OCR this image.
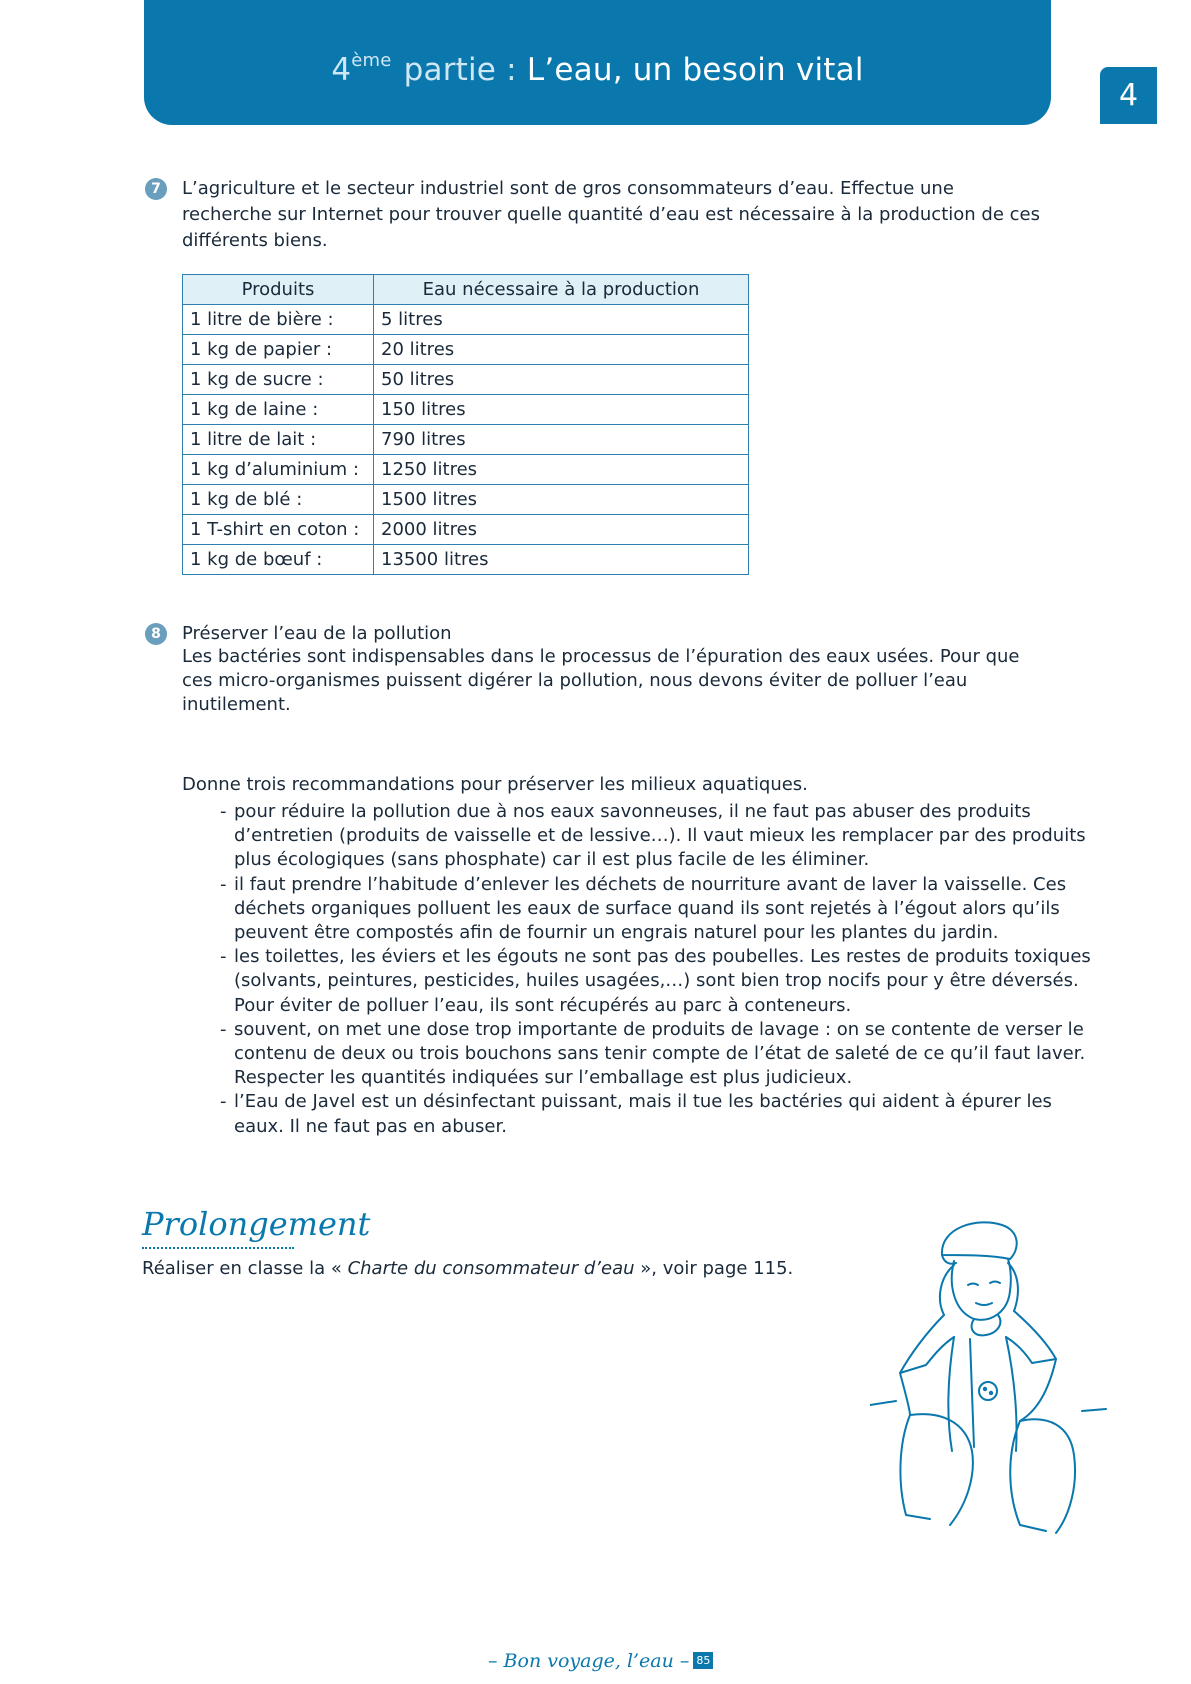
4ème partie : L’eau, un besoin vital
4
7	L’agriculture et le secteur industriel sont de gros consommateurs d’eau. Effectue une recherche sur Internet pour trouver quelle quantité d’eau est nécessaire à la production de ces différents biens.
Produits	Eau nécessaire à la production
1 litre de bière :	5 litres
1 kg de papier :	20 litres
1 kg de sucre :	50 litres
1 kg de laine :	150 litres
1 litre de lait :	790 litres
1 kg d’aluminium :	1250 litres
1 kg de blé :	1500 litres
1 T-shirt en coton :	2000 litres
1 kg de bœuf :	13500 litres
8	Préserver l’eau de la pollution
Les bactéries sont indispensables dans le processus de l’épuration des eaux usées. Pour que ces micro-organismes puissent digérer la pollution, nous devons éviter de polluer l’eau inutilement.
Donne trois recommandations pour préserver les milieux aquatiques.
- pour réduire la pollution due à nos eaux savonneuses, il ne faut pas abuser des produits d’entretien (produits de vaisselle et de lessive…). Il vaut mieux les remplacer par des produits plus écologiques (sans phosphate) car il est plus facile de les éliminer.
- il faut prendre l’habitude d’enlever les déchets de nourriture avant de laver la vaisselle. Ces déchets organiques polluent les eaux de surface quand ils sont rejetés à l’égout alors qu’ils peuvent être compostés afin de fournir un engrais naturel pour les plantes du jardin.
- les toilettes, les éviers et les égouts ne sont pas des poubelles. Les restes de produits toxiques (solvants, peintures, pesticides, huiles usagées,…) sont bien trop nocifs pour y être déversés. Pour éviter de polluer l’eau, ils sont récupérés au parc à conteneurs.
- souvent, on met une dose trop importante de produits de lavage : on se contente de verser le contenu de deux ou trois bouchons sans tenir compte de l’état de saleté de ce qu’il faut laver. Respecter les quantités indiquées sur l’emballage est plus judicieux.
- l’Eau de Javel est un désinfectant puissant, mais il tue les bactéries qui aident à épurer les eaux. Il ne faut pas en abuser.
Prolongement
Réaliser en classe la « Charte du consommateur d’eau », voir page 115.
– Bon voyage, l’eau – 85
